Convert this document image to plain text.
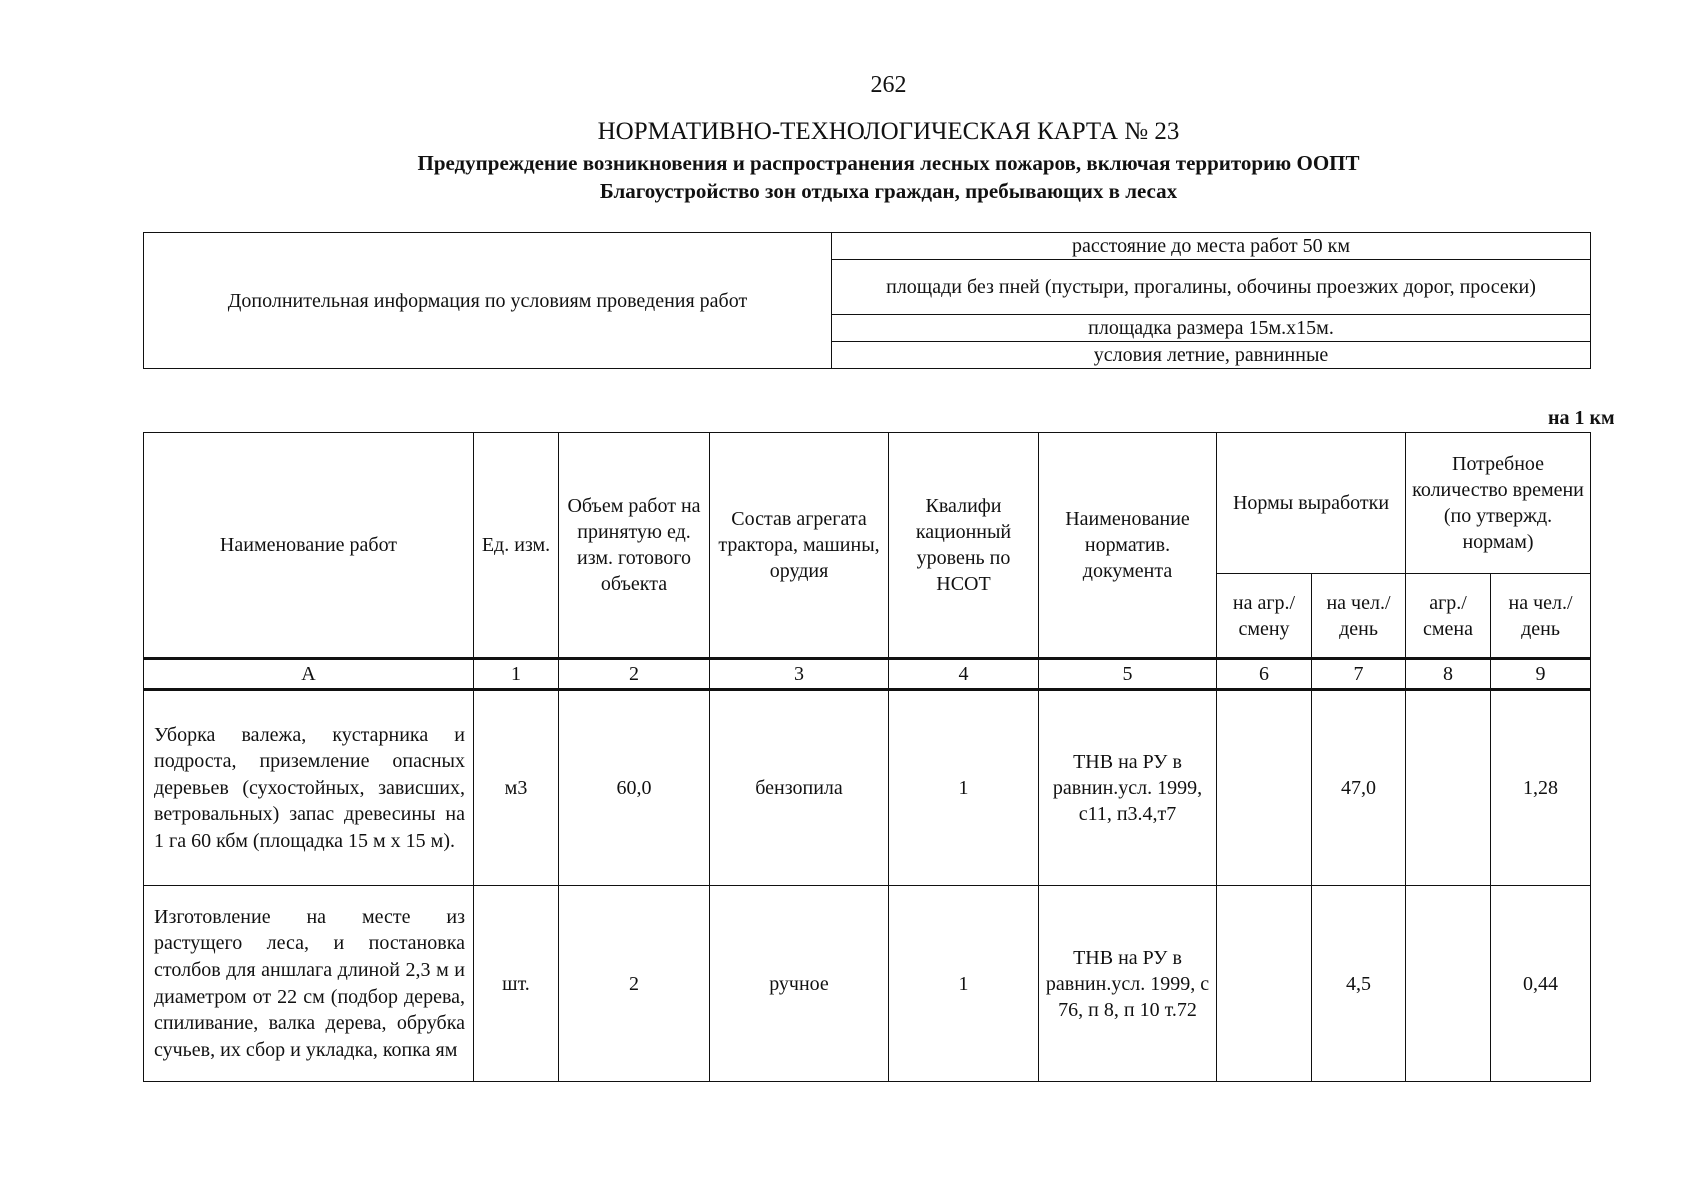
262
НОРМАТИВНО-ТЕХНОЛОГИЧЕСКАЯ КАРТА № 23
Предупреждение возникновения и распространения лесных пожаров, включая территорию ООПТ
Благоустройство зон отдыха граждан, пребывающих в лесах
Дополнительная информация по условиям проведения работ	расстояние до места работ 50 км
площади без пней (пустыри, прогалины, обочины проезжих дорог, просеки)
площадка размера 15м.х15м.
условия летние, равнинные
на 1 км
Наименование работ	Ед. изм.	Объем работ на принятую ед. изм. готового объекта	Состав агрегата трактора, машины, орудия	Квалифи кационный уровень по НСОТ	Наименование норматив. документа	Нормы выработки		Потребное количество времени (по утвержд. нормам)	
						на агр./ смену	на чел./ день	агр./ смена	на чел./ день
А	1	2	3	4	5	6	7	8	9
Уборка валежа, кустарника и подроста, приземление опасных деревьев (сухостойных, зависших, ветровальных) запас древесины на 1 га 60 кбм (площадка 15 м х 15 м).	м3	60,0	бензопила	1	ТНВ на РУ в равнин.усл. 1999, с11, п3.4,т7		47,0		1,28
Изготовление на месте из растущего леса, и постановка столбов для аншлага длиной 2,3 м и диаметром от 22 см (подбор дерева, спиливание, валка дерева, обрубка сучьев, их сбор и укладка, копка ям	шт.	2	ручное	1	ТНВ на РУ в равнин.усл. 1999, с 76, п 8, п 10 т.72		4,5		0,44
